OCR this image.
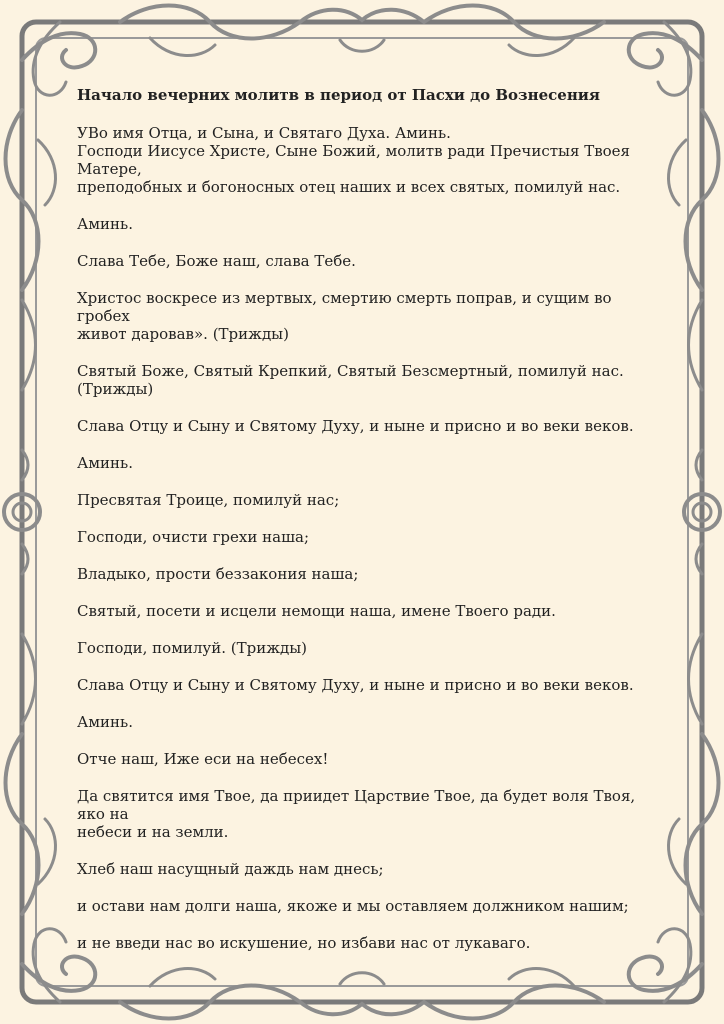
Начало вечерних молитв в период от Пасхи до Вознесения
УВо имя Отца, и Сына, и Святаго Духа. Аминь.
Господи Иисусе Христе, Сыне Божий, молитв ради Пречистыя Твоея Матере,
преподобных и богоносных отец наших и всех святых, помилуй нас.
Аминь.
Слава Тебе, Боже наш, слава Тебе.
Христос воскресе из мертвых, смертию смерть поправ, и сущим во гробех
живот даровав». (Трижды)
Святый Боже, Святый Крепкий, Святый Безсмертный, помилуй нас. (Трижды)
Слава Отцу и Сыну и Святому Духу, и ныне и присно и во веки веков.
Аминь.
Пресвятая Троице, помилуй нас;
Господи, очисти грехи наша;
Владыко, прости беззакония наша;
Святый, посети и исцели немощи наша, имене Твоего ради.
Господи, помилуй. (Трижды)
Слава Отцу и Сыну и Святому Духу, и ныне и присно и во веки веков.
Аминь.
Отче наш, Иже еси на небесех!
Да святится имя Твое, да приидет Царствие Твое, да будет воля Твоя, яко на
небеси и на земли.
Хлеб наш насущный даждь нам днесь;
и остави нам долги наша, якоже и мы оставляем должником нашим;
и не введи нас во искушение, но избави нас от лукаваго.
